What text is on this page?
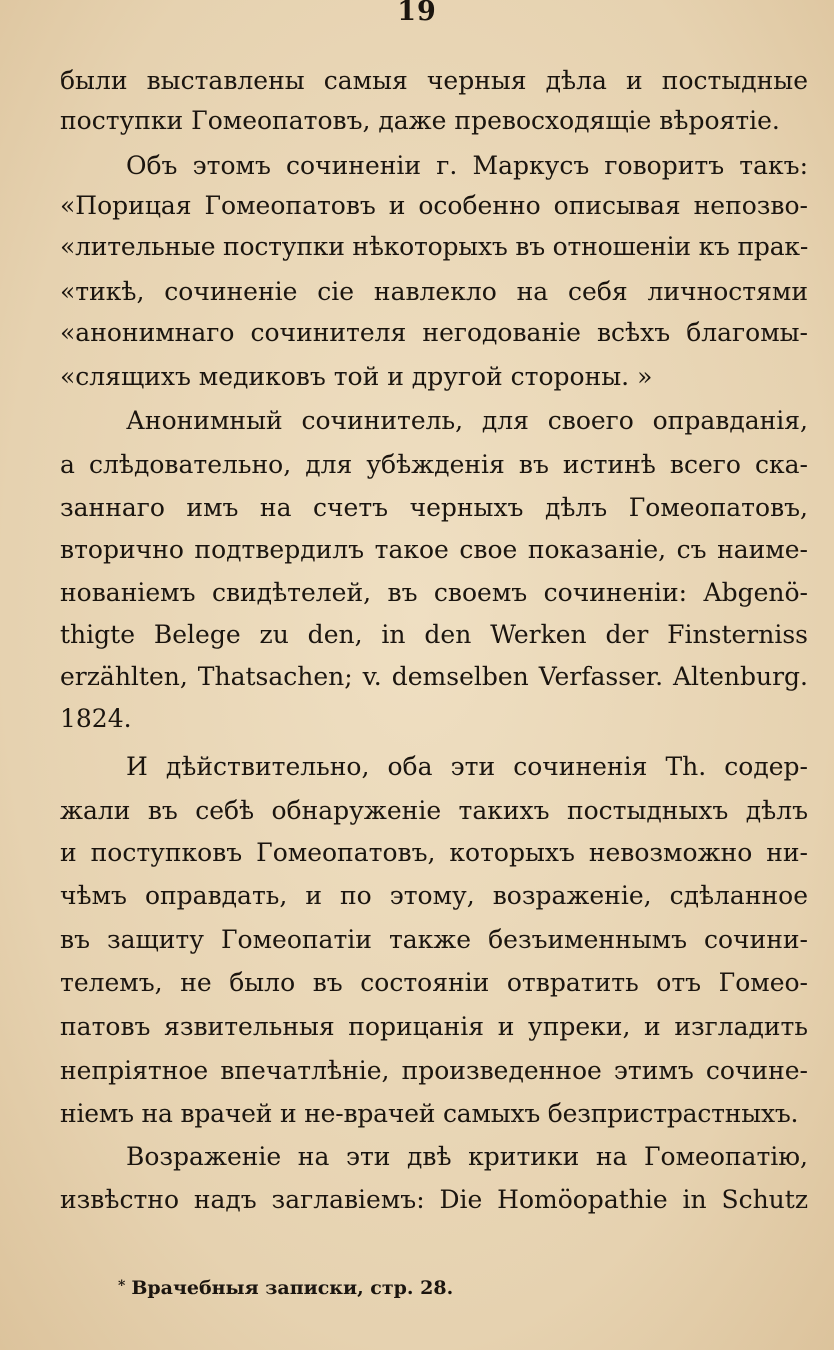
19
были выставлены самыя черныя дѣла и постыдные
поступки Гомеопатовъ, даже превосходящіе вѣроятіе.
Объ этомъ сочиненіи г. Маркусъ говоритъ такъ:
«Порицая Гомеопатовъ и особенно описывая непозво-
«лительные поступки нѣкоторыхъ въ отношеніи къ прак-
«тикѣ, сочиненіе сіе навлекло на себя личностями
«анонимнаго сочинителя негодованіе всѣхъ благомы-
«слящихъ медиковъ той и другой стороны. »
Анонимный сочинитель, для своего оправданія,
а слѣдовательно, для убѣжденія въ истинѣ всего ска-
заннаго имъ на счетъ черныхъ дѣлъ Гомеопатовъ,
вторично подтвердилъ такое свое показаніе, съ наиме-
нованіемъ свидѣтелей, въ своемъ сочиненіи: Abgenö-
thigte Belege zu den, in den Werken der Finsterniss
erzählten, Thatsachen; v. demselben Verfasser. Altenburg.
1824.
И дѣйствительно, оба эти сочиненія Th. содер-
жали въ себѣ обнаруженіе такихъ постыдныхъ дѣлъ
и поступковъ Гомеопатовъ, которыхъ невозможно ни-
чѣмъ оправдать, и по этому, возраженіе, сдѣланное
въ защиту Гомеопатіи также безъименнымъ сочини-
телемъ, не было въ состояніи отвратить отъ Гомео-
патовъ язвительныя порицанія и упреки, и изгладить
непріятное впечатлѣніе, произведенное этимъ сочине-
ніемъ на врачей и не-врачей самыхъ безпристрастныхъ.
Возраженіе на эти двѣ критики на Гомеопатію,
извѣстно надъ заглавіемъ: Die Homöopathie in Schutz
* Врачебныя записки, стр. 28.
